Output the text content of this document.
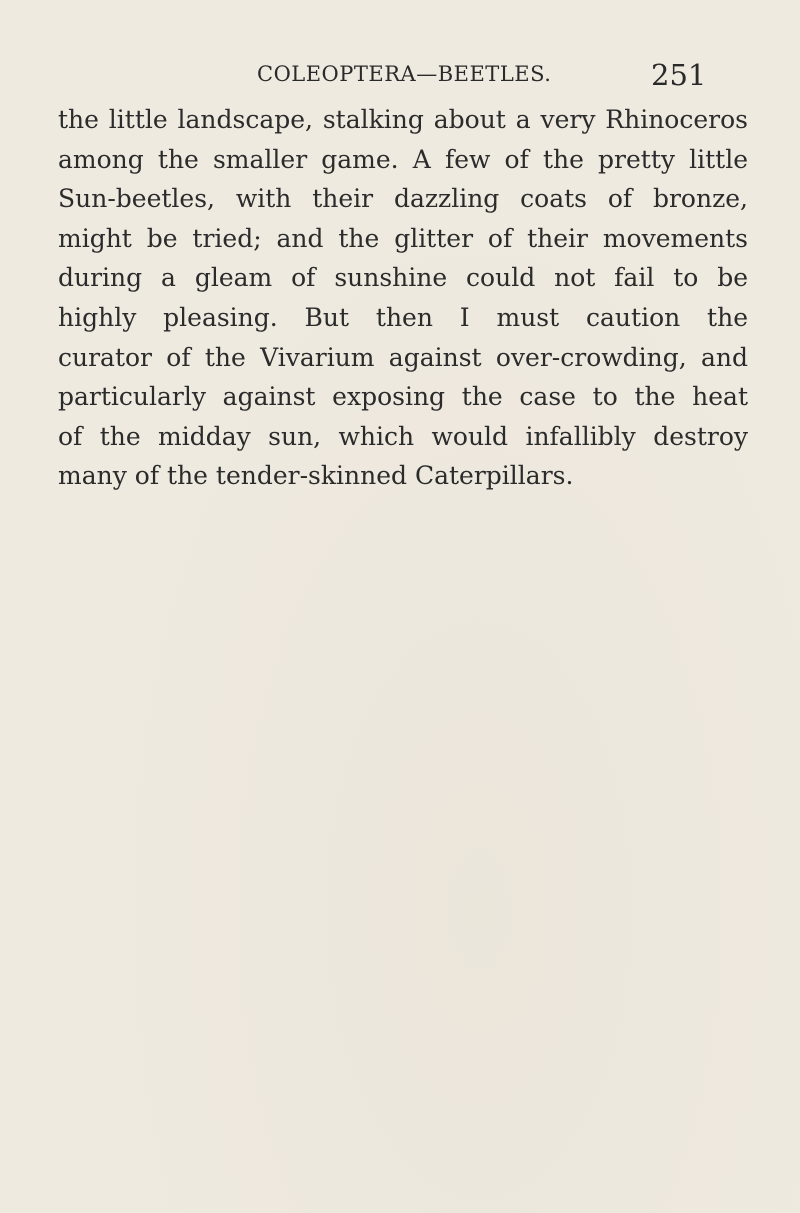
COLEOPTERA—BEETLES.	251
the little landscape, stalking about a very Rhinoceros
among the smaller game. A few of the pretty little
Sun-beetles, with their dazzling coats of bronze,
might be tried; and the glitter of their movements
during a gleam of sunshine could not fail to be
highly pleasing. But then I must caution the
curator of the Vivarium against over-crowding, and
particularly against exposing the case to the heat
of the midday sun, which would infallibly destroy
many of the tender-skinned Caterpillars.
